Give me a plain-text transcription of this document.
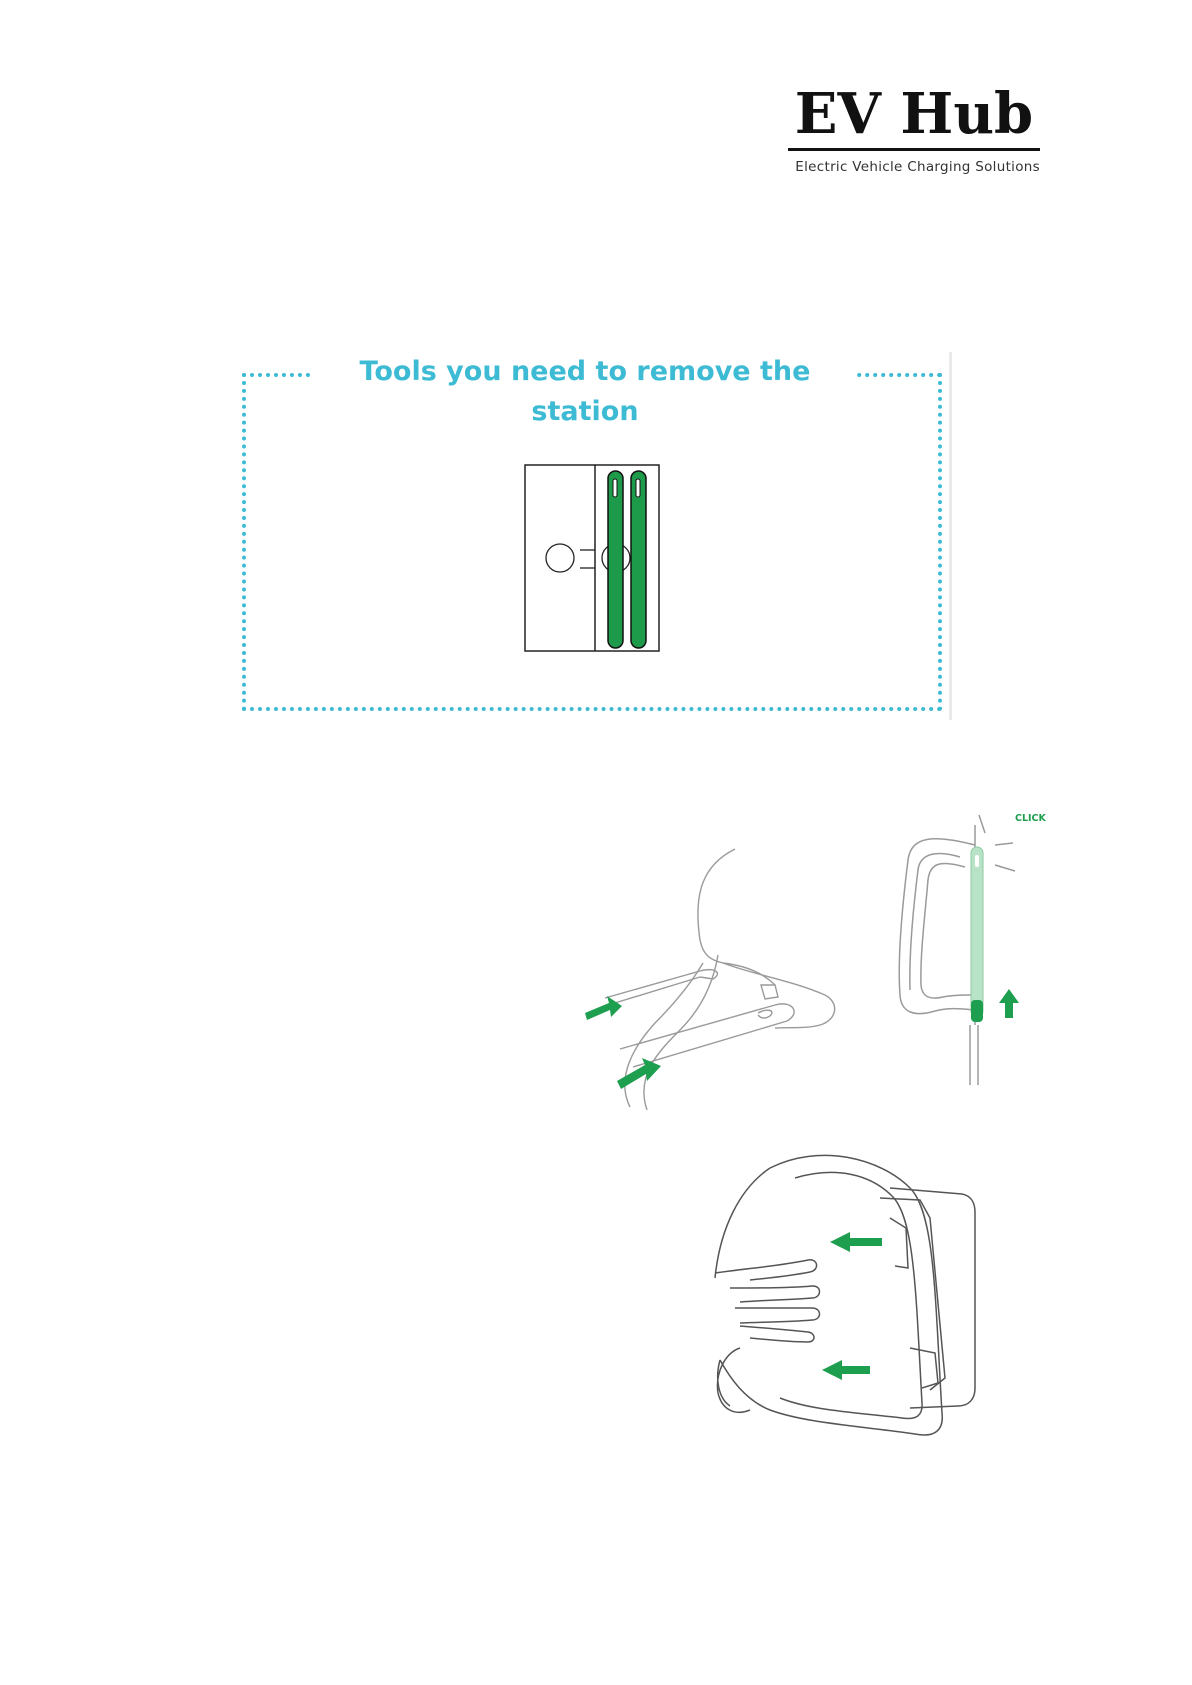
EV Hub
Electric Vehicle Charging Solutions
Tools you need to remove the station
CLICK
